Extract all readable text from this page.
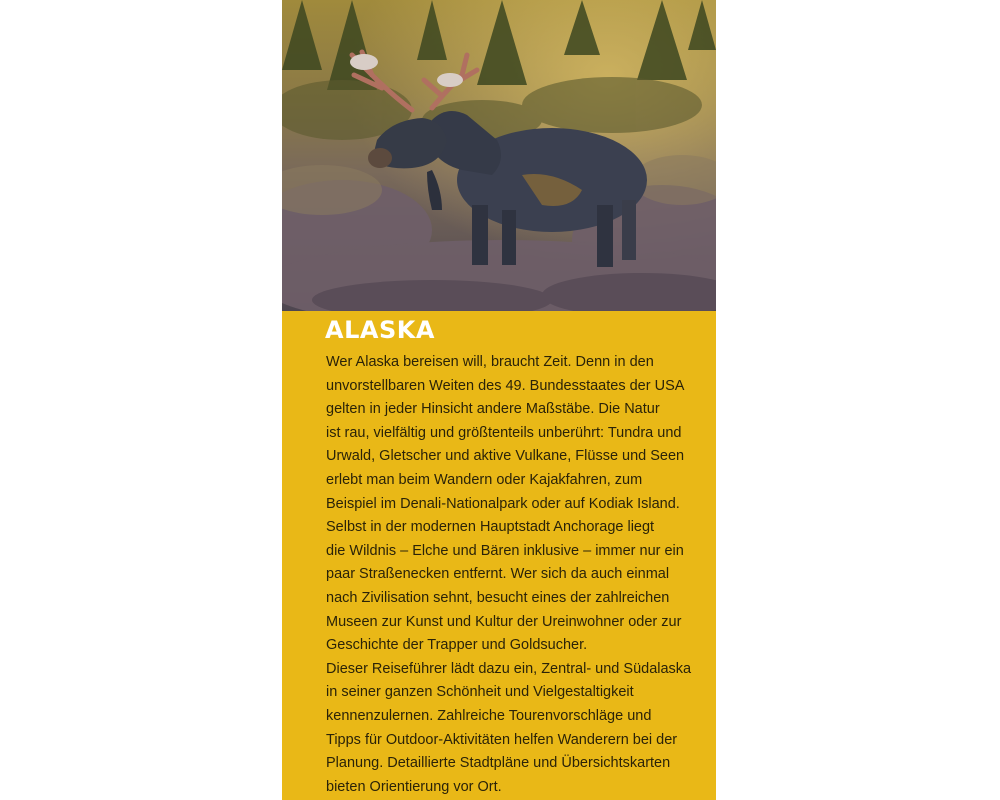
ALASKA
Wer Alaska bereisen will, braucht Zeit. Denn in den
unvorstellbaren Weiten des 49. Bundesstaates der USA
gelten in jeder Hinsicht andere Maßstäbe. Die Natur
ist rau, vielfältig und größtenteils unberührt: Tundra und
Urwald, Gletscher und aktive Vulkane, Flüsse und Seen
erlebt man beim Wandern oder Kajakfahren, zum
Beispiel im Denali-Nationalpark oder auf Kodiak Island.
Selbst in der modernen Hauptstadt Anchorage liegt
die Wildnis – Elche und Bären inklusive – immer nur ein
paar Straßenecken entfernt. Wer sich da auch einmal
nach Zivilisation sehnt, besucht eines der zahlreichen
Museen zur Kunst und Kultur der Ureinwohner oder zur
Geschichte der Trapper und Goldsucher.
Dieser Reiseführer lädt dazu ein, Zentral- und Südalaska
in seiner ganzen Schönheit und Vielgestaltigkeit
kennenzulernen. Zahlreiche Tourenvorschläge und
Tipps für Outdoor-Aktivitäten helfen Wanderern bei der
Planung. Detaillierte Stadtpläne und Übersichtskarten
bieten Orientierung vor Ort.
